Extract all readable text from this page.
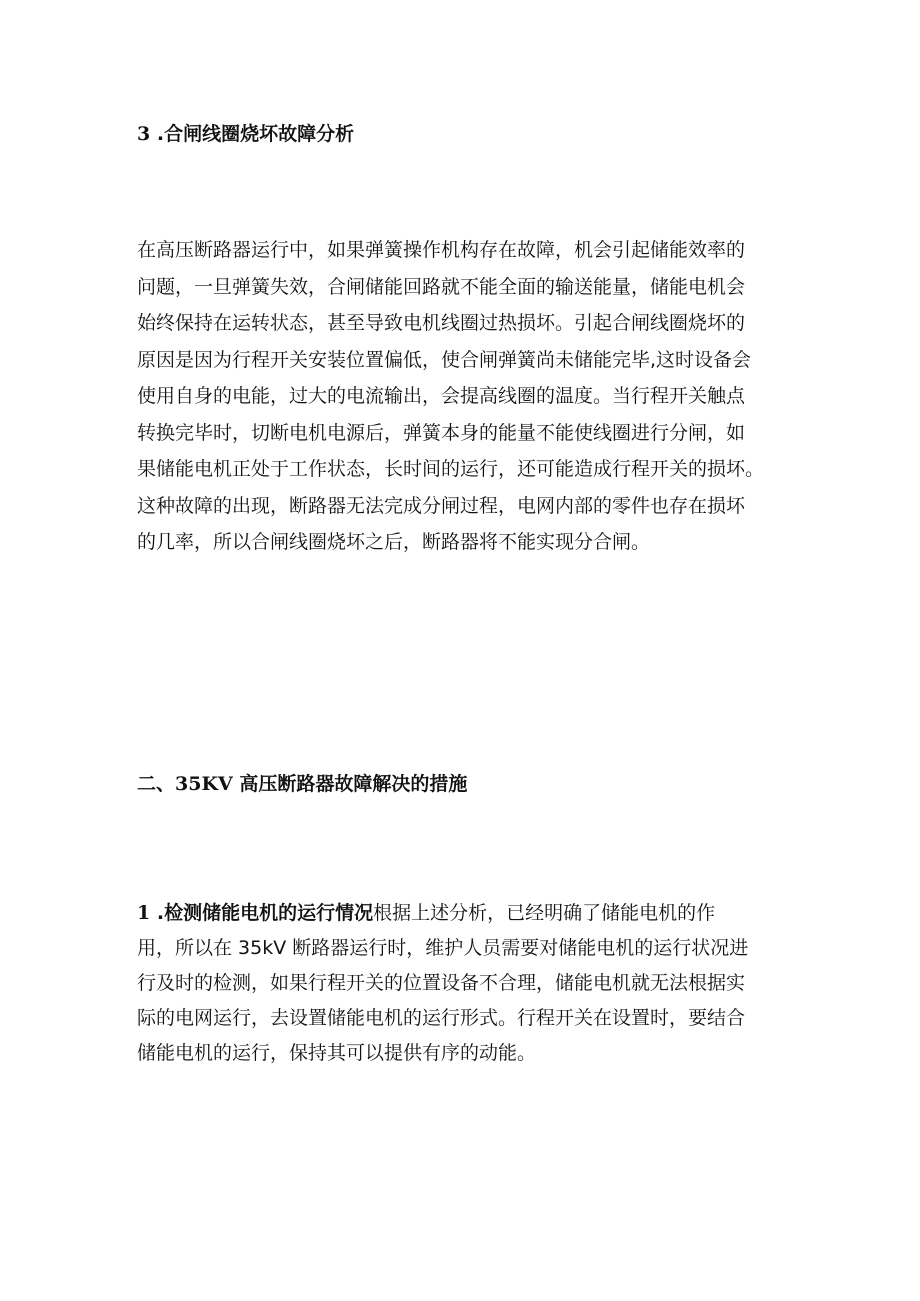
3 .合闸线圈烧坏故障分析
在高压断路器运行中，如果弹簧操作机构存在故障，机会引起储能效率的
问题，一旦弹簧失效，合闸储能回路就不能全面的输送能量，储能电机会
始终保持在运转状态，甚至导致电机线圈过热损坏。引起合闸线圈烧坏的
原因是因为行程开关安装位置偏低，使合闸弹簧尚未储能完毕,这时设备会
使用自身的电能，过大的电流输出，会提高线圈的温度。当行程开关触点
转换完毕时，切断电机电源后，弹簧本身的能量不能使线圈进行分闸，如
果储能电机正处于工作状态，长时间的运行，还可能造成行程开关的损坏。
这种故障的出现，断路器无法完成分闸过程，电网内部的零件也存在损坏
的几率，所以合闸线圈烧坏之后，断路器将不能实现分合闸。
二、35KV 高压断路器故障解决的措施
1 .检测储能电机的运行情况根据上述分析，已经明确了储能电机的作
用，所以在 35kV 断路器运行时，维护人员需要对储能电机的运行状况进
行及时的检测，如果行程开关的位置设备不合理，储能电机就无法根据实
际的电网运行，去设置储能电机的运行形式。行程开关在设置时，要结合
储能电机的运行，保持其可以提供有序的动能。
